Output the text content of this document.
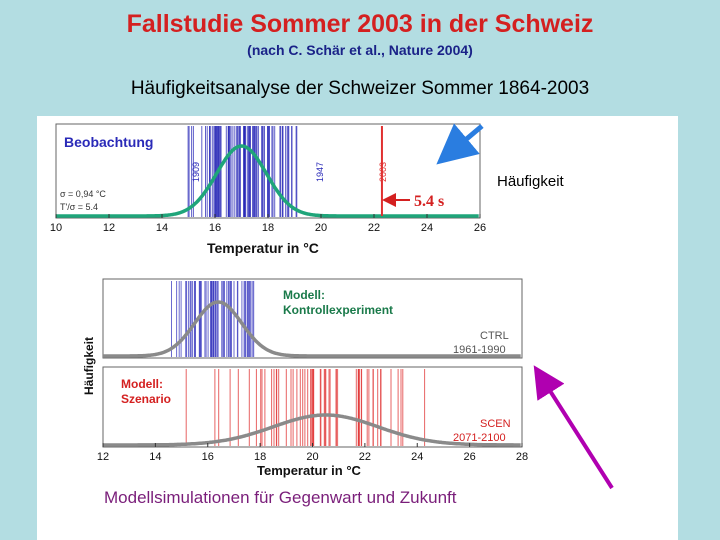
Fallstudie Sommer 2003 in der Schweiz
(nach C. Schär et al., Nature 2004)
Häufigkeitsanalyse der Schweizer Sommer 1864-2003
Beobachtung
σ = 0,94 °C
T'/σ = 5.4
1909	1947	2003
10	12	14	16	18	20	22	24	26
Temperatur in °C
5.4 s
Häufigkeit
Modell:
Kontrollexperiment
CTRL
1961-1990
Modell:
Szenario
SCEN
2071-2100
Häufigkeit
12	14	16	18	20	22	24	26	28
Temperatur in °C
Modellsimulationen für Gegenwart und Zukunft
